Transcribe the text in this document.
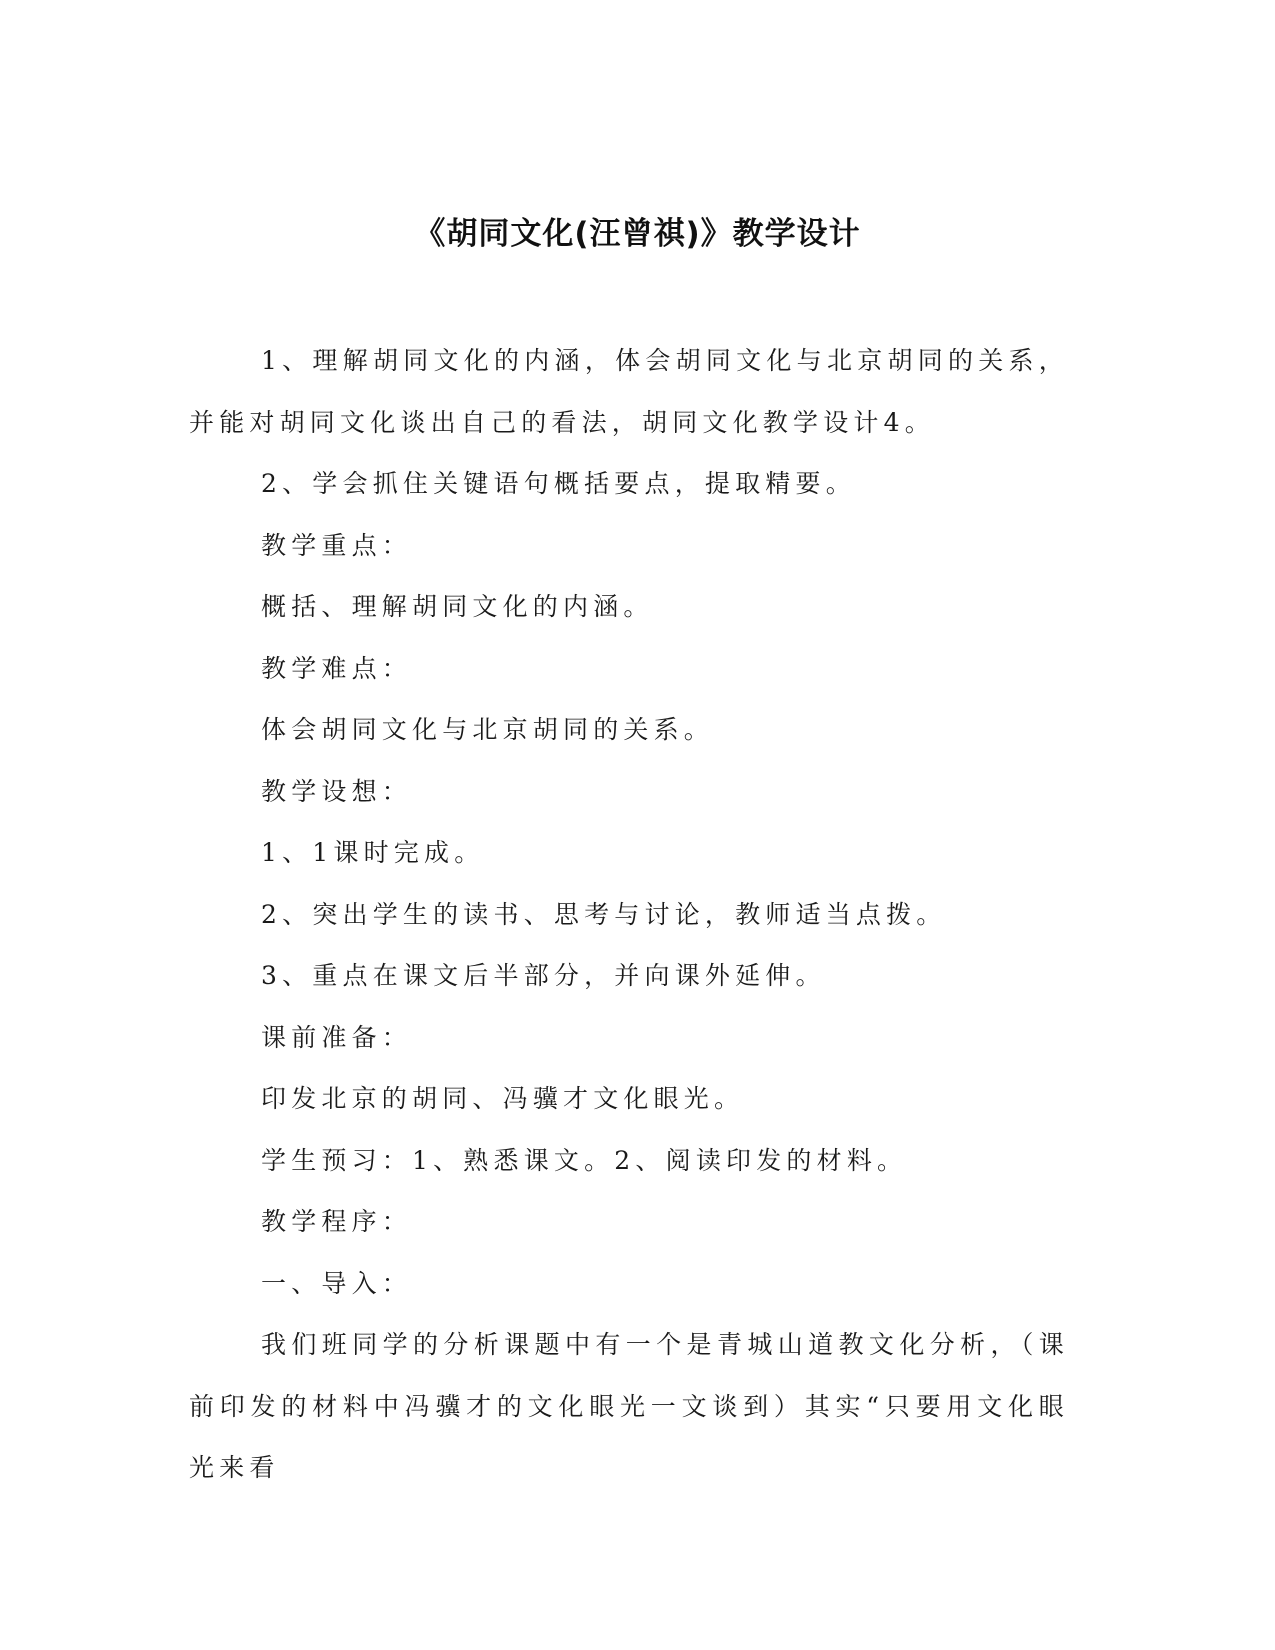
《胡同文化(汪曾祺)》教学设计

1、理解胡同文化的内涵，体会胡同文化与北京胡同的关系，并能对胡同文化谈出自己的看法，胡同文化教学设计4。

2、学会抓住关键语句概括要点，提取精要。

教学重点：

概括、理解胡同文化的内涵。

教学难点：

体会胡同文化与北京胡同的关系。

教学设想：

1、1课时完成。

2、突出学生的读书、思考与讨论，教师适当点拨。

3、重点在课文后半部分，并向课外延伸。

课前准备：

印发北京的胡同、冯骥才文化眼光。

学生预习：1、熟悉课文。2、阅读印发的材料。

教学程序：

一、导入：

我们班同学的分析课题中有一个是青城山道教文化分析，（课前印发的材料中冯骥才的文化眼光一文谈到）其实“只要用文化眼光来看
